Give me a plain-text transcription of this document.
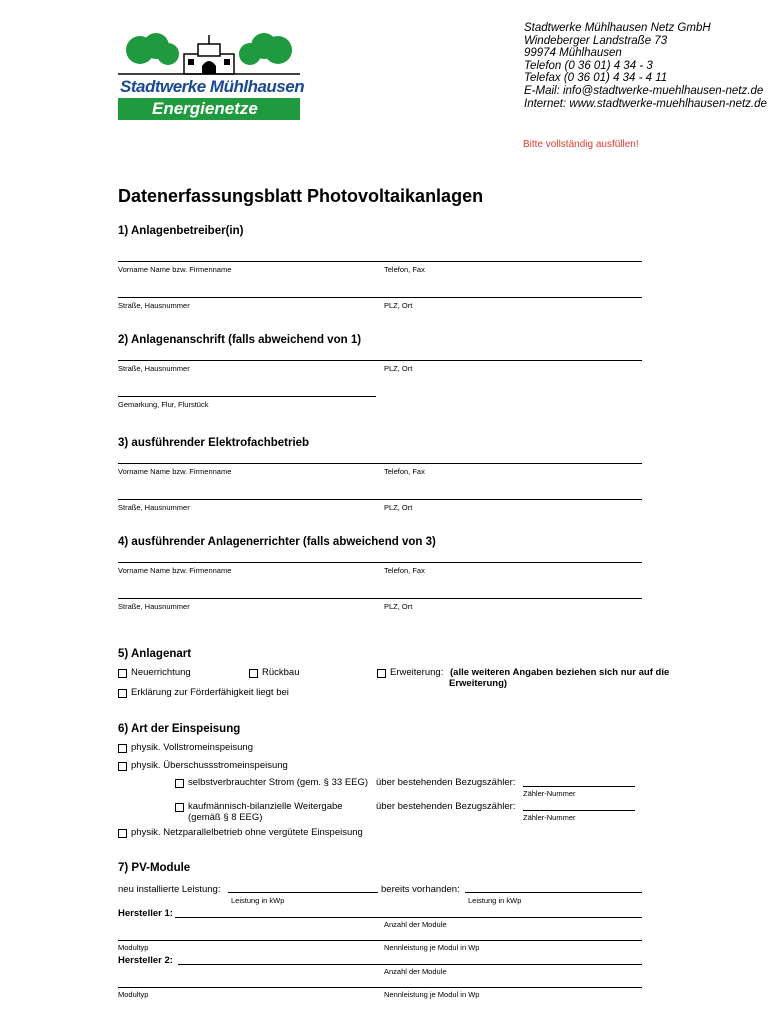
Stadtwerke Mühlhausen
Energienetze
Stadtwerke Mühlhausen Netz GmbH
Windeberger Landstraße 73
99974 Mühlhausen
Telefon (0 36 01) 4 34 - 3
Telefax (0 36 01) 4 34 - 4 11
E-Mail: info@stadtwerke-muehlhausen-netz.de
Internet: www.stadtwerke-muehlhausen-netz.de
Bitte vollständig ausfüllen!
Datenerfassungsblatt Photovoltaikanlagen
1) Anlagenbetreiber(in)
Vorname Name bzw. Firmenname	Telefon, Fax
Straße, Hausnummer	PLZ, Ort
2) Anlagenanschrift (falls abweichend von 1)
Straße, Hausnummer	PLZ, Ort
Gemarkung, Flur, Flurstück
3) ausführender Elektrofachbetrieb
Vorname Name bzw. Firmenname	Telefon, Fax
Straße, Hausnummer	PLZ, Ort
4) ausführender Anlagenerrichter (falls abweichend von 3)
Vorname Name bzw. Firmenname	Telefon, Fax
Straße, Hausnummer	PLZ, Ort
5) Anlagenart
Neuerrichtung	Rückbau	Erweiterung: (alle weiteren Angaben beziehen sich nur auf die
Erweiterung)
Erklärung zur Förderfähigkeit liegt bei
6) Art der Einspeisung
physik. Vollstromeinspeisung
physik. Überschussstromeinspeisung
selbstverbrauchter Strom (gem. § 33 EEG) über bestehenden Bezugszähler:
Zähler-Nummer
kaufmännisch-bilanzielle Weitergabe
(gemäß § 8 EEG)
über bestehenden Bezugszähler:
Zähler-Nummer
physik. Netzparallelbetrieb ohne vergütete Einspeisung
7) PV-Module
neu installierte Leistung:
Leistung in kWp
bereits vorhanden:
Leistung in kWp
Hersteller 1:
Anzahl der Module
Modultyp	Nennleistung je Modul in Wp
Hersteller 2:
Anzahl der Module
Modultyp	Nennleistung je Modul in Wp
